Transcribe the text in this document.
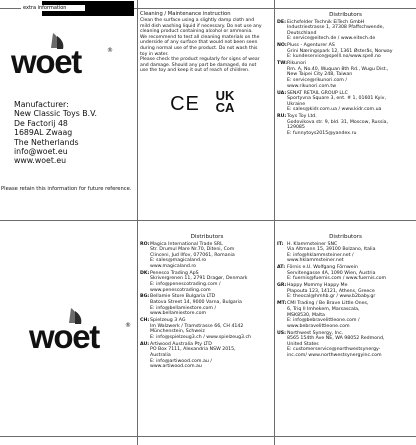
extra information
woet	®
Manufacturer:
New Classic Toys B.V.
De Factorij 48
1689AL Zwaag
The Netherlands
info@woet.eu
www.woet.eu
Please retain this information for future reference.
Cleaning / Maintenance instruction
Clean the surface using a slightly damp cloth and
mild dish washing liquid if necessary. Do not use any
cleaning product containing alcohol or ammonia.
We recommend to test all cleaning materials on the
underside of any surface that would not been seen
during normal use of the product. Do not wash this
toy in water.
Please check the product regularly for signs of wear
and damage. Should any part be damaged, do not
use the toy and keep it out of reach of children.
CE UK
CA
Distributors
DE: Eichsfelder Technik EiTech GmbH
Industriestrasse 1, 37308 Pfaffschwende,
Deutschland
E: service@eitech.de / www.eitech.de
NO: Pluss - Agenturer AS
Grini Næringspark 12, 1361 Østerås, Norway
E: kundeservice@spelll.no/www.spell.no
TW: Rikunori
Rm. A, No.40, Wuquan 8th Rd., Wugu Dist.,
New Taipei City 248, Taiwan
E: service@rikunori.com /
www.rikunori.com.tw
UA: SENAT RETAIL GROUP LLC
Sportyvna Square 3, ent. # 1, 01601 Kyiv,
Ukraine
E: sales@kidr.com.ua / www.kidr.com.ua
RU: Toys Toy Ltd.
Godovikova str. 9, bld. 31, Moscow, Russia,
129085
E: funnytoys2015@yandex.ru
woet	®
Distributors
RO: Magica International Trade SRL
Str. Drumul Mare Nr.70, Diteni, Com
Clinceni, Jud Ilfov, 077061, Romania
E: sales@magicaland.ro
www.magicaland.ro
DK: Penesco Trading ApS
Skrivergrenen 11, 2791 Dragør, Denmark
E: info@penescotrading.com /
www.penescotrading.com
BG: Bellamie Store Bulgaria LTD
Batova Street 14, 9000 Varna, Bulgaria
E: info@bellamiestore.com /
www.bellamiestore.com
CH: Spielzeug 3 AG
Im Walzwerk / Tramstrasse 66, CH 4142
Münchenstein, Schweiz
E: info@spielzeug3.ch / www.spielzeug3.ch
AU: Artiwood Australia Pty LTD
PO Box 7111, Alexandria NSW 2015,
Australia
E: info@artiwood.com.au /
www.artiwood.com.au
Distributors
IT: H. Klammsteiner SNC
Via Altmann 15, 39100 Bolzano, Italia
E: info@hklammsteiner.net /
www.hklammsteiner.net
AT: Förnis e.U. Wolfgang Förnwein
Servitengasse 4A, 1090 Wien, Austria
E: fuernis@fuernis.com / www.fuernis.com
GR: Happy Mommy Happy Me
Plapouta 123, 14121, Athens, Greece
E: theocal@hmhb.gr / www.b2baby.gr
MT: CMI Trading / Be Brave Little Ones,
6, Triq Il Imhekem, Marsascala,
MSK8530, Malta
E: info@bebravelittleone.com /
www.bebravelittleone.com
US: Northwest Synergy, Inc.
8565 154th Ave NE, WA 98052 Redmond,
United States
E: customerservice@northwestsynergy-
inc.com/ www.northwestsynergyinc.com
